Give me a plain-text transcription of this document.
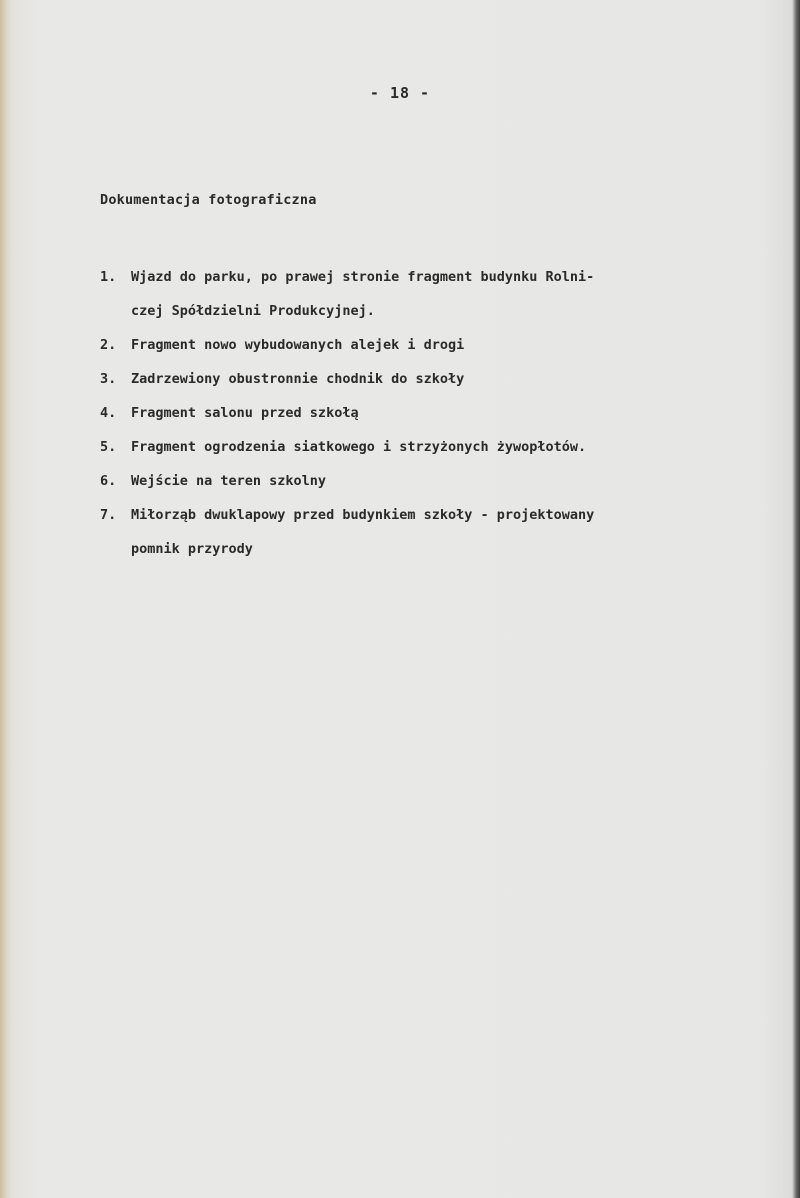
- 18 -
Dokumentacja fotograficzna
1. Wjazd do parku, po prawej stronie fragment budynku Rolni-
czej Spółdzielni Produkcyjnej.
2. Fragment nowo wybudowanych alejek i drogi
3. Zadrzewiony obustronnie chodnik do szkoły
4. Fragment salonu przed szkołą
5. Fragment ogrodzenia siatkowego i strzyżonych żywopłotów.
6. Wejście na teren szkolny
7. Miłorząb dwuklapowy przed budynkiem szkoły - projektowany
pomnik przyrody
